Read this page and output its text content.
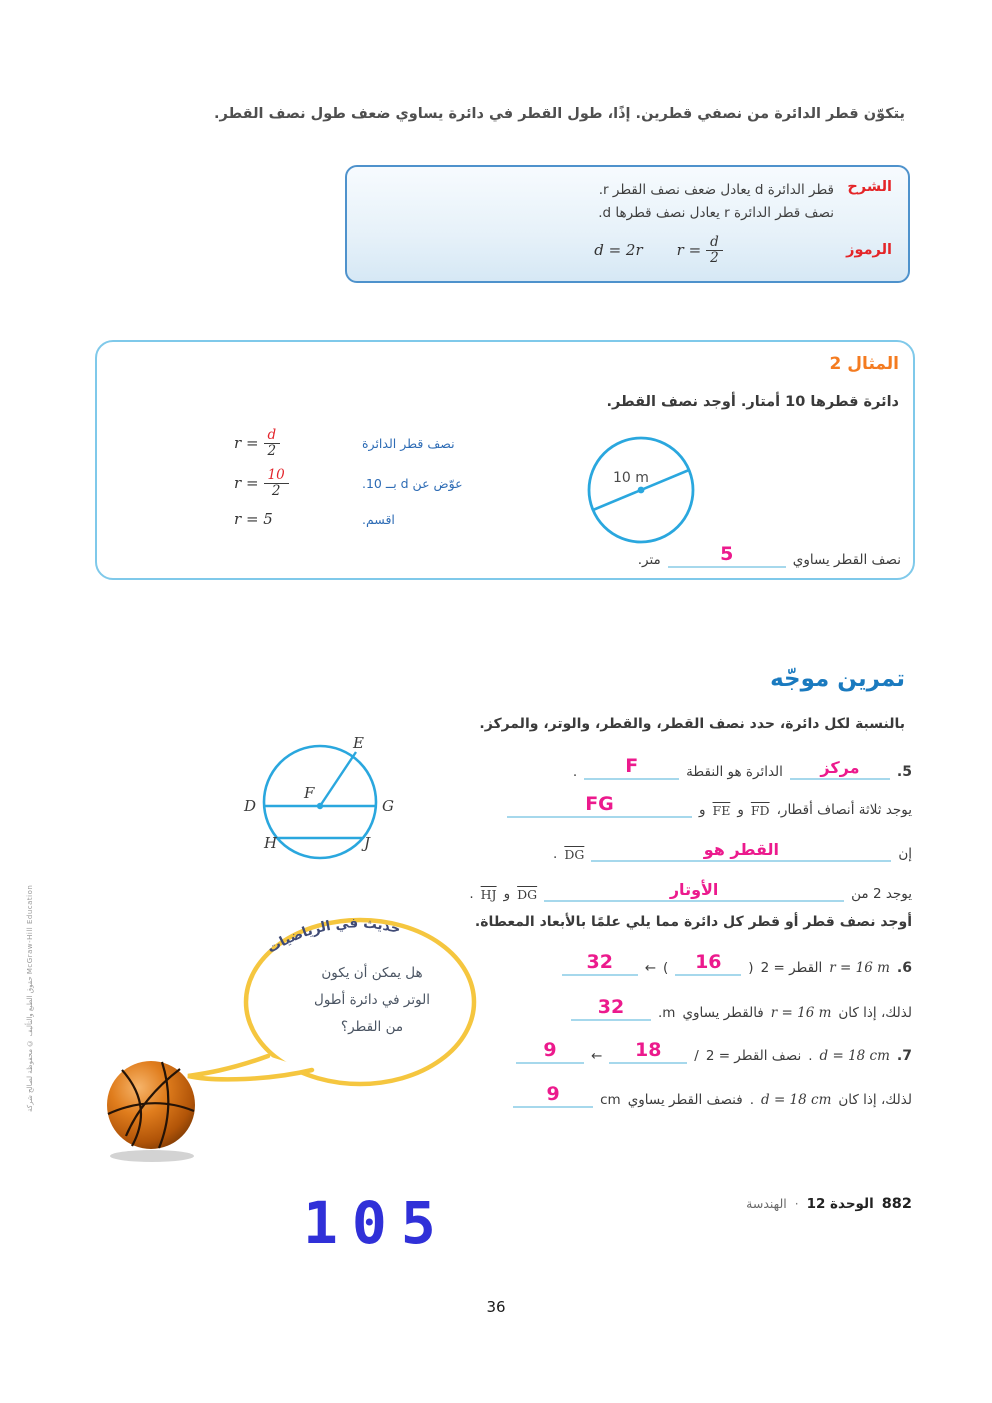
يتكوّن قطر الدائرة من نصفي قطرين. إذًا، طول القطر في دائرة يساوي ضعف طول نصف القطر.
الشرح
قطر الدائرة d يعادل ضعف نصف القطر r.
نصف قطر الدائرة r يعادل نصف قطرها d.
الرموز
d = 2r $r = \frac{d}{2}$
المثال 2
دائرة قطرها 10 أمتار. أوجد نصف القطر.
10 m
$r = \frac{d}{2}$	نصف قطر الدائرة
$r = \frac{10}{2}$	عوّض عن d بــ 10.
r = 5	اقسم.
نصف القطر يساوي
5
متر.
تمرين موجّه
بالنسبة لكل دائرة، حدد نصف القطر، والقطر، والوتر، والمركز.
E
F
D	G
H	J
5.
مركز
الدائرة هو النقطة
F
.
يوجد ثلاثة أنصاف أقطار،
$\overline{FD}$
و
$\overline{FE}$
و
FG
إن
القطر هو
$\overline{DG}$
.
يوجد 2 من
الأوتار
$\overline{DG}$
و
$\overline{HJ}$
.
أوجد نصف قطر أو قطر كل دائرة مما يلي علمًا بالأبعاد المعطاة.
6.
r = 16 m
القطر = 2
)
16
(
←
32
لذلك، إذا كان
r = 16 m
فالقطر يساوي
m.
32
7.
d = 18 cm
.
نصف القطر = 2
/
18
←
9
لذلك، إذا كان
d = 18 cm
.
فنصف القطر يساوي
cm
9
حديث في الرياضيات
هل يمكن أن يكون
الوتر في دائرة أطول
من القطر؟
حقوق الطبع والتأليف © محفوظة لصالح شركة McGraw-Hill Education
105	882
الوحدة 12
·
الهندسة
36
